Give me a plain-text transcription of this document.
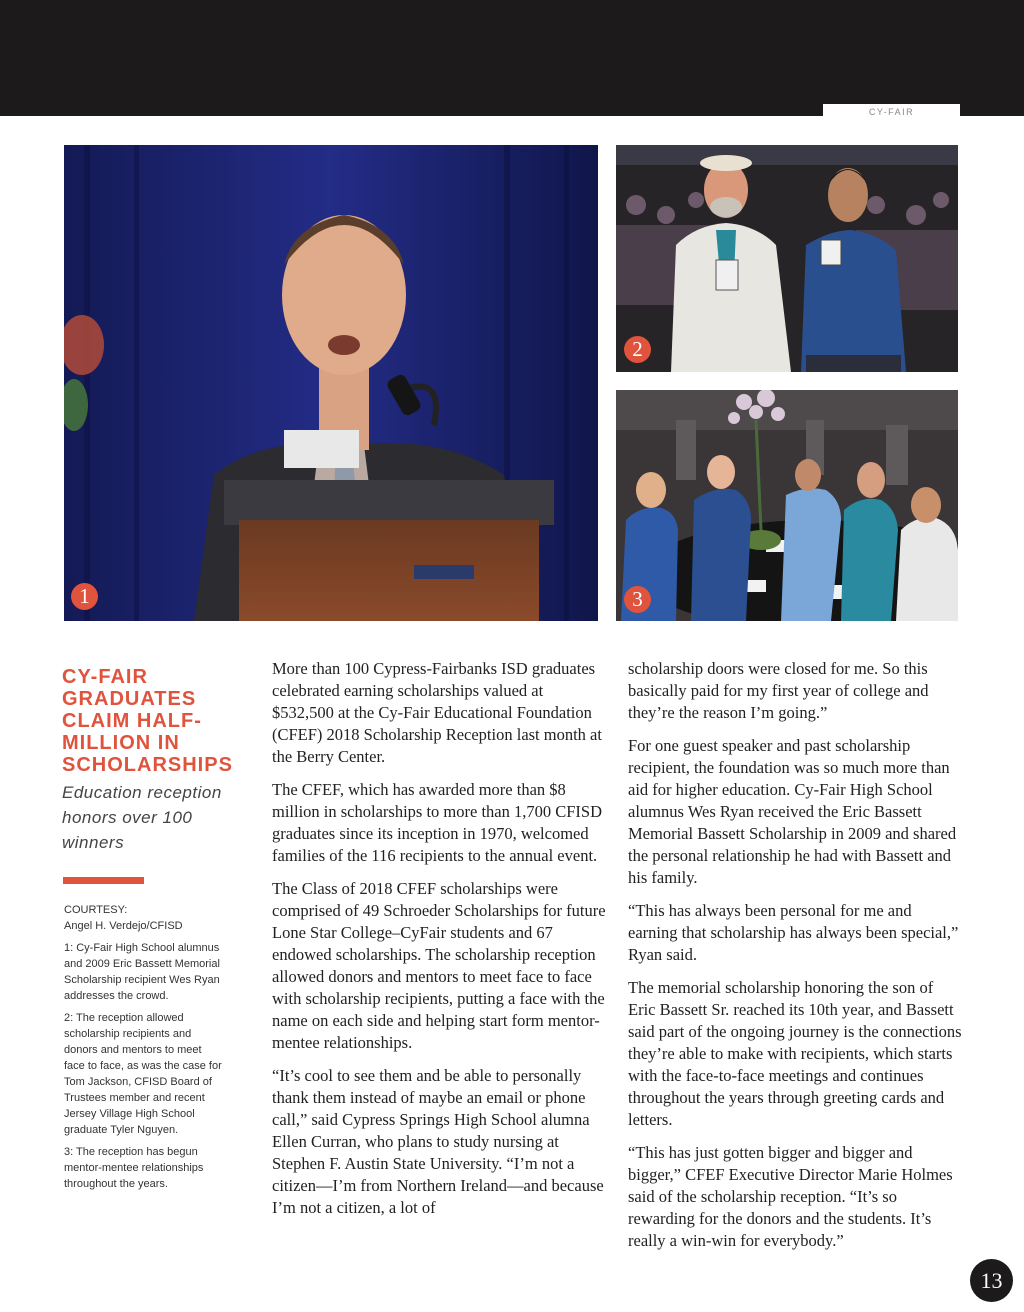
CY-FAIR
1
2
3
CY-FAIR GRADUATES CLAIM HALF-MILLION IN SCHOLARSHIPS
Education reception honors over 100 winners

COURTESY:
Angel H. Verdejo/CFISD

1: Cy-Fair High School alumnus and 2009 Eric Bassett Memorial Scholarship recipient Wes Ryan addresses the crowd.

2: The reception allowed scholarship recipients and donors and mentors to meet face to face, as was the case for Tom Jackson, CFISD Board of Trustees member and recent Jersey Village High School graduate Tyler Nguyen.

3: The reception has begun mentor-mentee relationships throughout the years.

More than 100 Cypress-Fairbanks ISD graduates celebrated earning scholarships valued at $532,500 at the Cy-Fair Educational Foundation (CFEF) 2018 Scholarship Reception last month at the Berry Center.

The CFEF, which has awarded more than $8 million in scholarships to more than 1,700 CFISD graduates since its inception in 1970, welcomed families of the 116 recipients to the annual event.

The Class of 2018 CFEF scholarships were comprised of 49 Schroeder Scholarships for future Lone Star College–CyFair students and 67 endowed scholarships. The scholarship reception allowed donors and mentors to meet face to face with scholarship recipients, putting a face with the name on each side and helping start form mentor-mentee relationships.

“It’s cool to see them and be able to personally thank them instead of maybe an email or phone call,” said Cypress Springs High School alumna Ellen Curran, who plans to study nursing at Stephen F. Austin State University. “I’m not a citizen—I’m from Northern Ireland—and because I’m not a citizen, a lot of

scholarship doors were closed for me. So this basically paid for my first year of college and they’re the reason I’m going.”

For one guest speaker and past scholarship recipient, the foundation was so much more than aid for higher education. Cy-Fair High School alumnus Wes Ryan received the Eric Bassett Memorial Bassett Scholarship in 2009 and shared the personal relationship he had with Bassett and his family.

“This has always been personal for me and earning that scholarship has always been special,” Ryan said.

The memorial scholarship honoring the son of Eric Bassett Sr. reached its 10th year, and Bassett said part of the ongoing journey is the connections they’re able to make with recipients, which starts with the face-to-face meetings and continues throughout the years through greeting cards and letters.

“This has just gotten bigger and bigger and bigger,” CFEF Executive Director Marie Holmes said of the scholarship reception. “It’s so rewarding for the donors and the students. It’s really a win-win for everybody.”

13
